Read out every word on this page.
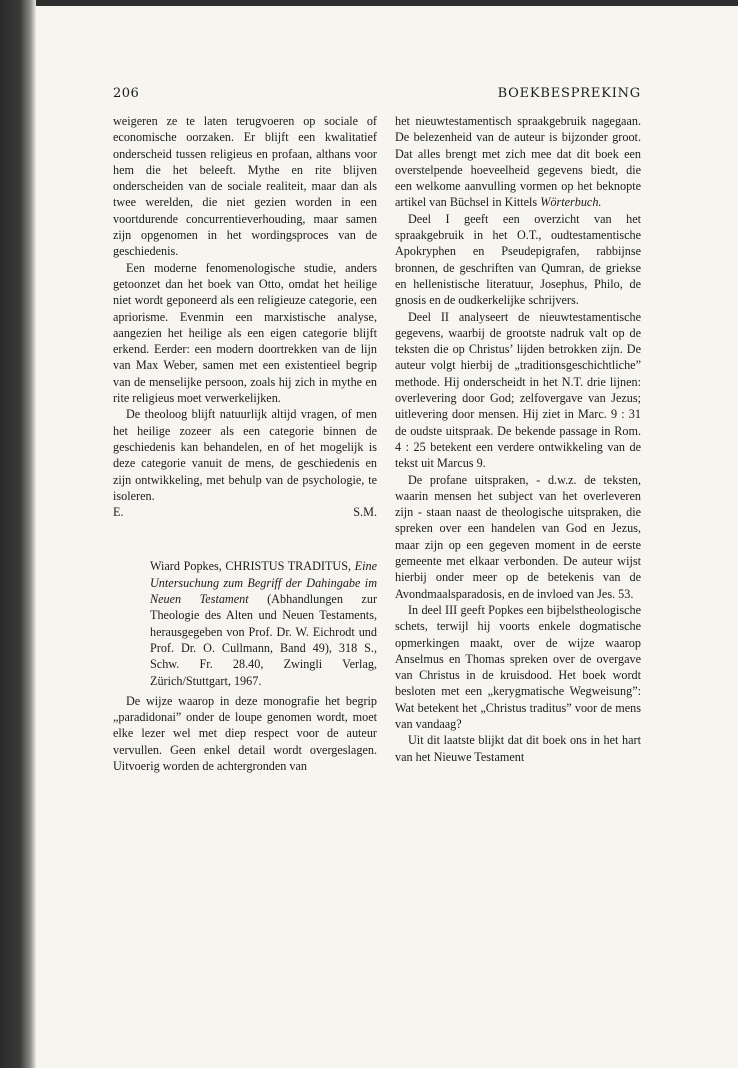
206	BOEKBESPREKING

weigeren ze te laten terugvoeren op sociale of economische oorzaken. Er blijft een kwalitatief onderscheid tussen religieus en profaan, althans voor hem die het beleeft. Mythe en rite blijven onderscheiden van de sociale realiteit, maar dan als twee werelden, die niet gezien worden in een voortdurende concurrentieverhouding, maar samen zijn opgenomen in het wordingsproces van de geschiedenis.

Een moderne fenomenologische studie, anders getoonzet dan het boek van Otto, omdat het heilige niet wordt geponeerd als een religieuze categorie, een apriorisme. Evenmin een marxistische analyse, aangezien het heilige als een eigen categorie blijft erkend. Eerder: een modern doortrekken van de lijn van Max Weber, samen met een existentieel begrip van de menselijke persoon, zoals hij zich in mythe en rite religieus moet verwerkelijken.

De theoloog blijft natuurlijk altijd vragen, of men het heilige zozeer als een categorie binnen de geschiedenis kan behandelen, en of het mogelijk is deze categorie vanuit de mens, de geschiedenis en zijn ontwikkeling, met behulp van de psychologie, te isoleren.

E.	S.M.

Wiard Popkes, CHRISTUS TRADITUS, Eine Untersuchung zum Begriff der Dahingabe im Neuen Testament (Abhandlungen zur Theologie des Alten und Neuen Testaments, herausgegeben von Prof. Dr. W. Eichrodt und Prof. Dr. O. Cullmann, Band 49), 318 S., Schw. Fr. 28.40, Zwingli Verlag, Zürich/Stuttgart, 1967.

De wijze waarop in deze monografie het begrip „paradidonai” onder de loupe genomen wordt, moet elke lezer wel met diep respect voor de auteur vervullen. Geen enkel detail wordt overgeslagen. Uitvoerig worden de achtergronden van

het nieuwtestamentisch spraakgebruik nagegaan. De belezenheid van de auteur is bijzonder groot. Dat alles brengt met zich mee dat dit boek een overstelpende hoeveelheid gegevens biedt, die een welkome aanvulling vormen op het beknopte artikel van Büchsel in Kittels Wörterbuch.

Deel I geeft een overzicht van het spraakgebruik in het O.T., oudtestamentische Apokryphen en Pseudepigrafen, rabbijnse bronnen, de geschriften van Qumran, de griekse en hellenistische literatuur, Josephus, Philo, de gnosis en de oudkerkelijke schrijvers.

Deel II analyseert de nieuwtestamentische gegevens, waarbij de grootste nadruk valt op de teksten die op Christus’ lijden betrokken zijn. De auteur volgt hierbij de „traditionsgeschichtliche” methode. Hij onderscheidt in het N.T. drie lijnen: overlevering door God; zelfovergave van Jezus; uitlevering door mensen. Hij ziet in Marc. 9 : 31 de oudste uitspraak. De bekende passage in Rom. 4 : 25 betekent een verdere ontwikkeling van de tekst uit Marcus 9.

De profane uitspraken, - d.w.z. de teksten, waarin mensen het subject van het overleveren zijn - staan naast de theologische uitspraken, die spreken over een handelen van God en Jezus, maar zijn op een gegeven moment in de eerste gemeente met elkaar verbonden. De auteur wijst hierbij onder meer op de betekenis van de Avondmaalsparadosis, en de invloed van Jes. 53.

In deel III geeft Popkes een bijbelstheologische schets, terwijl hij voorts enkele dogmatische opmerkingen maakt, over de wijze waarop Anselmus en Thomas spreken over de overgave van Christus in de kruisdood. Het boek wordt besloten met een „kerygmatische Wegweisung”: Wat betekent het „Christus traditus” voor de mens van vandaag?

Uit dit laatste blijkt dat dit boek ons in het hart van het Nieuwe Testament
